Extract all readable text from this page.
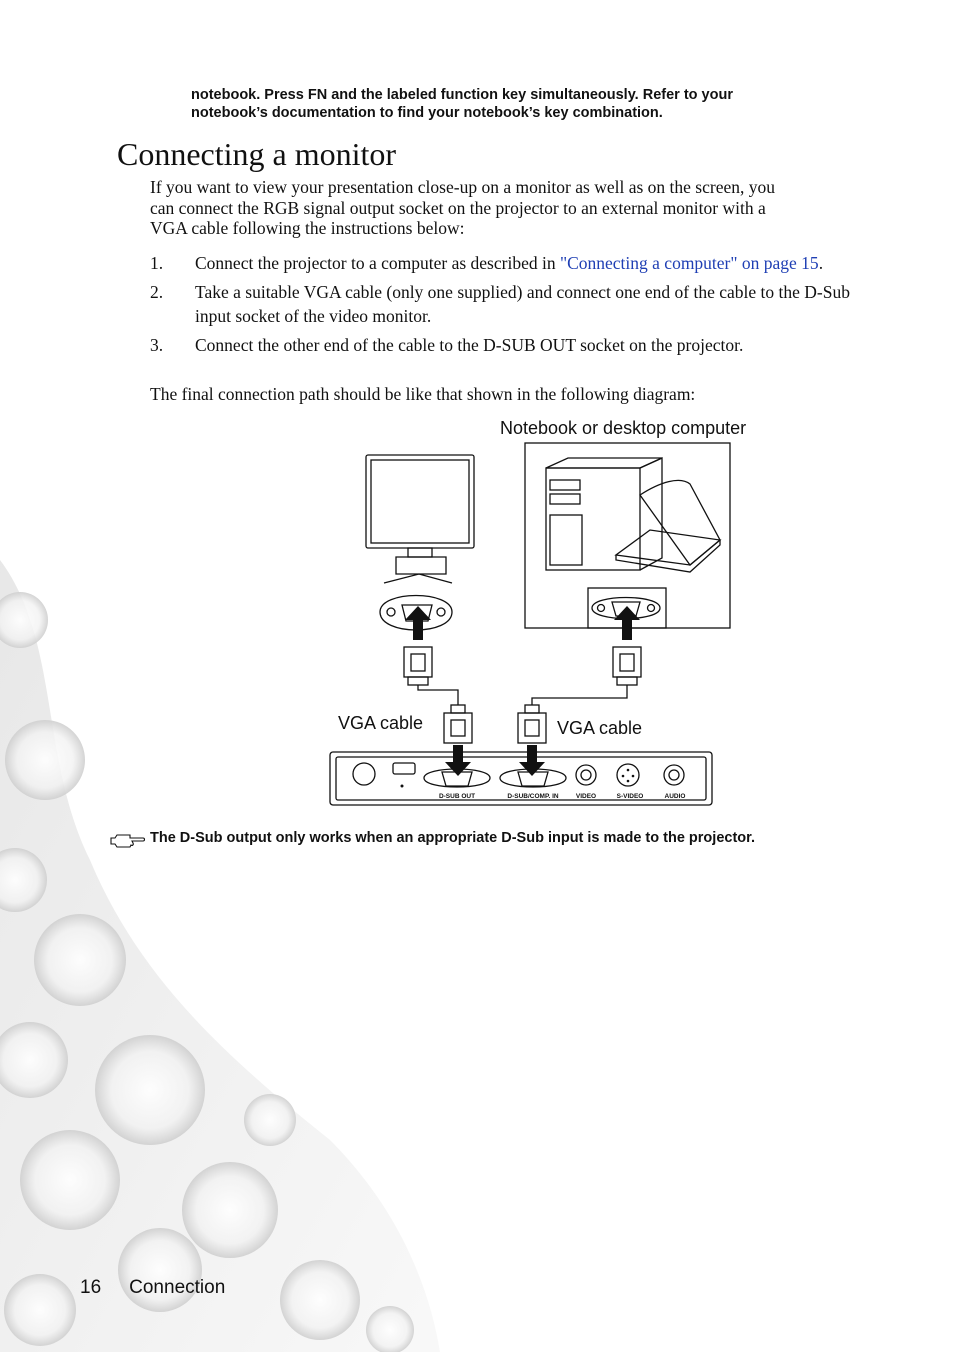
notebook. Press FN and the labeled function key simultaneously. Refer to your
notebook’s documentation to find your notebook’s key combination.
Connecting a monitor
If you want to view your presentation close-up on a monitor as well as on the screen, you
can connect the RGB signal output socket on the projector to an external monitor with a
VGA cable following the instructions below:
1. Connect the projector to a computer as described in "Connecting a computer" on page 15.
2. Take a suitable VGA cable (only one supplied) and connect one end of the cable to the D-Sub input socket of the video monitor.
3. Connect the other end of the cable to the D-SUB OUT socket on the projector.
The final connection path should be like that shown in the following diagram:
Notebook or desktop computer
VGA cable	VGA cable
D-SUB OUT	D-SUB/COMP. IN	VIDEO	S-VIDEO	AUDIO
The D-Sub output only works when an appropriate D-Sub input is made to the projector.
16 Connection
